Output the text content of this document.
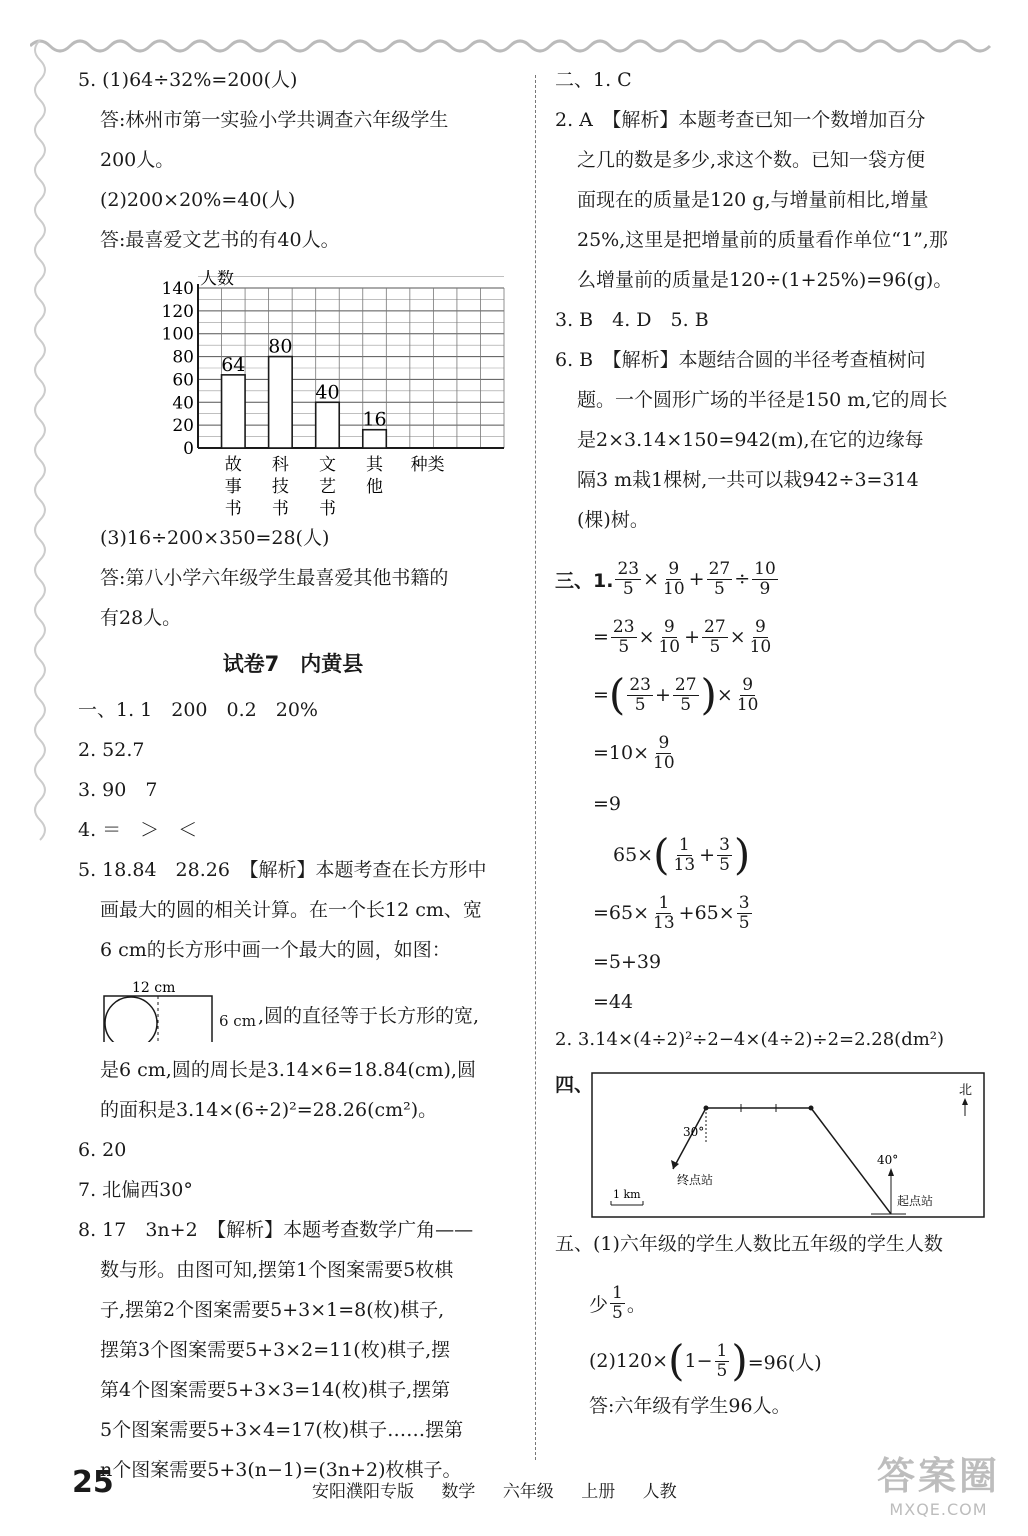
5. (1)64÷32%=200(人)
答:林州市第一实验小学共调查六年级学生
200人。
(2)200×20%=40(人)
答:最喜爱文艺书的有40人。
0
20
40
60
80
100
120
140 人数
64
80
40
16
故事书
科技书
文艺书
其他
种类
(3)16÷200×350=28(人)
答:第八小学六年级学生最喜爱其他书籍的
有28人。
试卷7　内黄县
一、1. 1　200　0.2　20%
2. 52.7
3. 90　7
4. ＝　＞　＜
5. 18.84　28.26　【解析】本题考查在长方形中
画最大的圆的相关计算。在一个长12 cm、宽
6 cm的长方形中画一个最大的圆，如图：
12 cm
6 cm ,圆的直径等于长方形的宽,
是6 cm,圆的周长是3.14×6=18.84(cm),圆
的面积是3.14×(6÷2)²=28.26(cm²)。
6. 20
7. 北偏西30°
8. 17　3n+2　【解析】本题考查数学广角——
数与形。由图可知,摆第1个图案需要5枚棋
子,摆第2个图案需要5+3×1=8(枚)棋子,
摆第3个图案需要5+3×2=11(枚)棋子,摆
第4个图案需要5+3×3=14(枚)棋子,摆第
5个图案需要5+3×4=17(枚)棋子……摆第
n个图案需要5+3(n−1)=(3n+2)枚棋子。
二、1. C
2. A　【解析】本题考查已知一个数增加百分
之几的数是多少,求这个数。已知一袋方便
面现在的质量是120 g,与增量前相比,增量
25%,这里是把增量前的质量看作单位“1”,那
么增量前的质量是120÷(1+25%)=96(g)。
3. B　4. D　5. B
6. B　【解析】本题结合圆的半径考查植树问
题。一个圆形广场的半径是150 m,它的周长
是2×3.14×150=942(m),在它的边缘每
隔3 m栽1棵树,一共可以栽942÷3=314
(棵)树。
三、1. $\frac{23}{5} \times \frac{9}{10} + \frac{27}{5} \div \frac{10}{9}$
= $\frac{23}{5} \times \frac{9}{10} + \frac{27}{5} \times \frac{9}{10}$
= ( $\frac{23}{5} + \frac{27}{5}$ ) × $\frac{9}{10}$
$=10\times \frac{9}{10}$
=9
65× ( $\frac{1}{13} + \frac{3}{5}$ )
$=65\times \frac{1}{13} +65\times \frac{3}{5}$
=5+39
=44
2. 3.14×(4÷2)²÷2−4×(4÷2)÷2=2.28(dm²)
四、
30°
40°
终点站
起点站
北
1 km
五、(1)六年级的学生人数比五年级的学生人数
少 $\frac{1}{5}$ 。
(2)120× ( $1- \frac{1}{5}$ ) =96(人)
答:六年级有学生96人。
25	安阳濮阳专版 数学 六年级 上册 人教	答案圈
MXQE.COM
